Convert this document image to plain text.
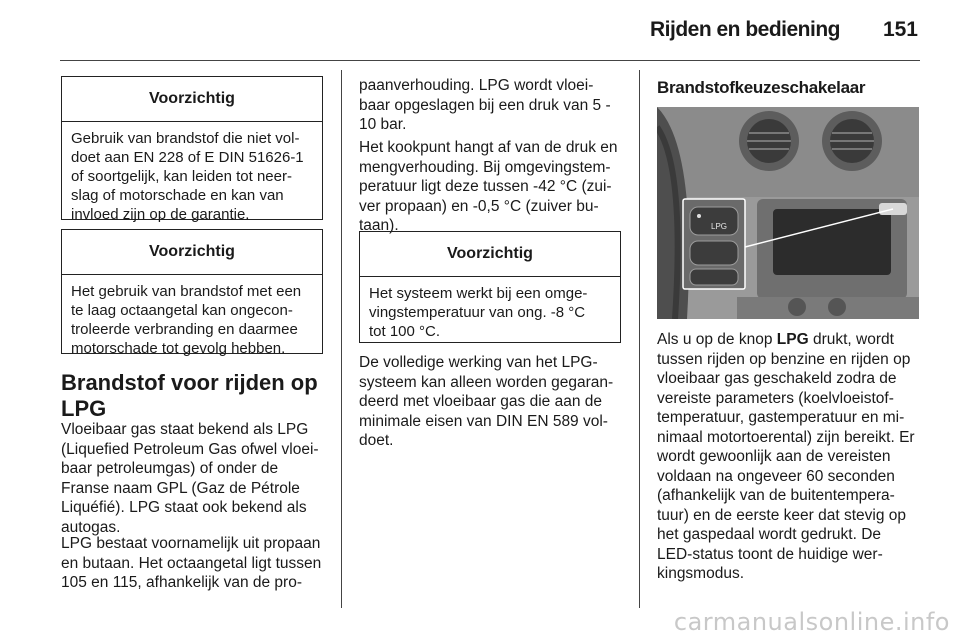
Rijden en bediening	151
Voorzichtig
Gebruik van brandstof die niet vol-
doet aan EN 228 of E DIN 51626-1
of soortgelijk, kan leiden tot neer-
slag of motorschade en kan van
invloed zijn op de garantie.
Voorzichtig
Het gebruik van brandstof met een
te laag octaangetal kan ongecon-
troleerde verbranding en daarmee
motorschade tot gevolg hebben.
Brandstof voor rijden op
LPG

Vloeibaar gas staat bekend als LPG
(Liquefied Petroleum Gas ofwel vloei-
baar petroleumgas) of onder de
Franse naam GPL (Gaz de Pétrole
Liquéfié). LPG staat ook bekend als
autogas.

LPG bestaat voornamelijk uit propaan
en butaan. Het octaangetal ligt tussen
105 en 115, afhankelijk van de pro-

paanverhouding. LPG wordt vloei-
baar opgeslagen bij een druk van 5 -
10 bar.

Het kookpunt hangt af van de druk en
mengverhouding. Bij omgevingstem-
peratuur ligt deze tussen -42 °C (zui-
ver propaan) en -0,5 °C (zuiver bu-
taan).

Voorzichtig
Het systeem werkt bij een omge-
vingstemperatuur van ong. -8 °C
tot 100 °C.

De volledige werking van het LPG-
systeem kan alleen worden gegaran-
deerd met vloeibaar gas die aan de
minimale eisen van DIN EN 589 vol-
doet.

Brandstofkeuzeschakelaar
LPG

Als u op de knop LPG drukt, wordt
tussen rijden op benzine en rijden op
vloeibaar gas geschakeld zodra de
vereiste parameters (koelvloeistof-
temperatuur, gastemperatuur en mi-
nimaal motortoerental) zijn bereikt. Er
wordt gewoonlijk aan de vereisten
voldaan na ongeveer 60 seconden
(afhankelijk van de buitentempera-
tuur) en de eerste keer dat stevig op
het gaspedaal wordt gedrukt. De
LED-status toont de huidige wer-
kingsmodus.

carmanualsonline.info
